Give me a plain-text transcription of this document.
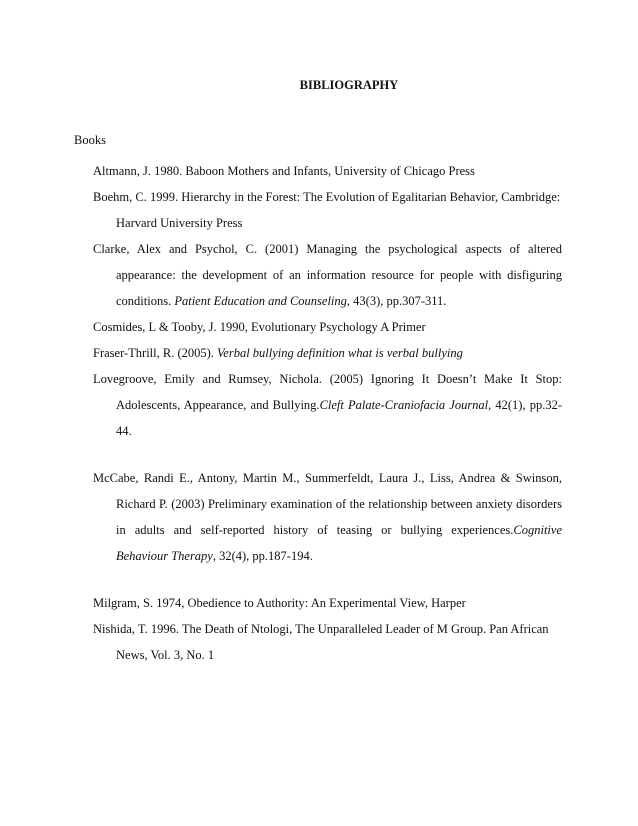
BIBLIOGRAPHY
Books

Altmann, J. 1980. Baboon Mothers and Infants, University of Chicago Press

Boehm, C. 1999. Hierarchy in the Forest: The Evolution of Egalitarian Behavior, Cambridge: Harvard University Press

Clarke, Alex and Psychol, C. (2001) Managing the psychological aspects of altered appearance: the development of an information resource for people with disfiguring conditions. Patient Education and Counseling, 43(3), pp.307-311.

Cosmides, L & Tooby, J. 1990, Evolutionary Psychology A Primer

Fraser-Thrill, R. (2005). Verbal bullying definition what is verbal bullying

Lovegroove, Emily and Rumsey, Nichola. (2005) Ignoring It Doesn’t Make It Stop: Adolescents, Appearance, and Bullying.Cleft Palate-Craniofacia Journal, 42(1), pp.32-44.

McCabe, Randi E., Antony, Martin M., Summerfeldt, Laura J., Liss, Andrea & Swinson, Richard P. (2003) Preliminary examination of the relationship between anxiety disorders in adults and self-reported history of teasing or bullying experiences.Cognitive Behaviour Therapy, 32(4), pp.187-194.

Milgram, S. 1974, Obedience to Authority: An Experimental View, Harper

Nishida, T. 1996. The Death of Ntologi, The Unparalleled Leader of M Group. Pan African News, Vol. 3, No. 1
